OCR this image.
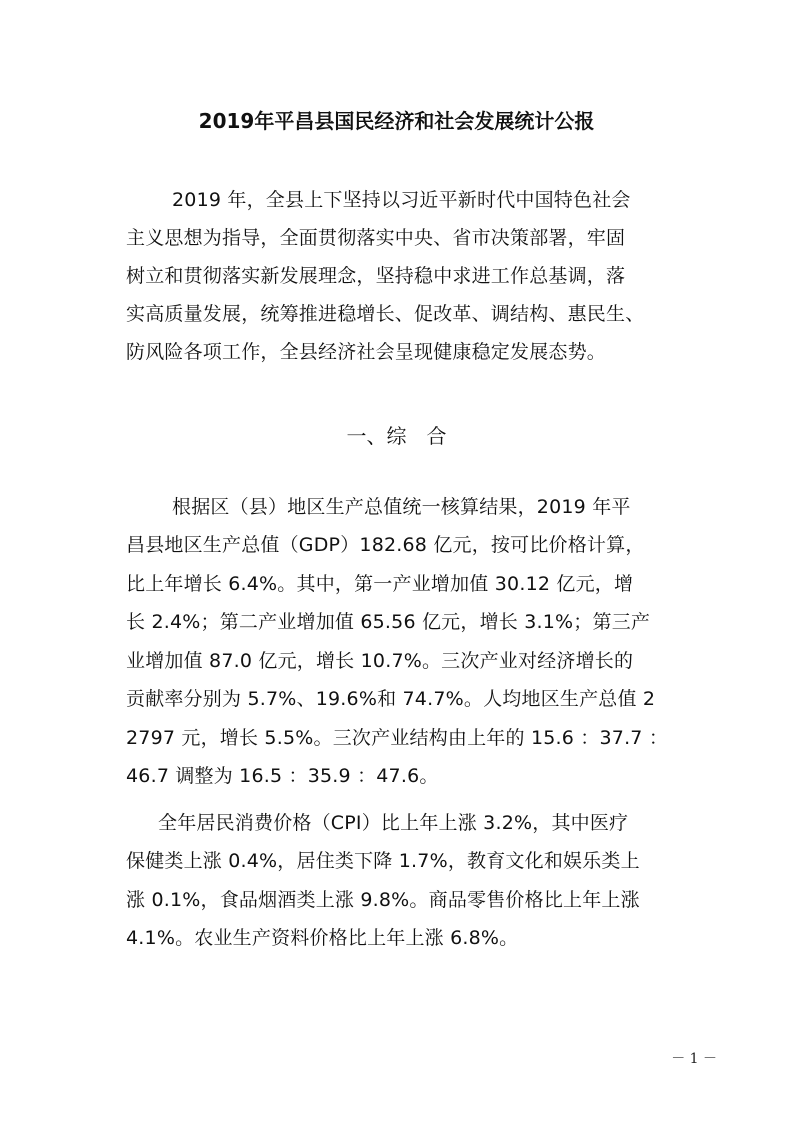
2019年平昌县国民经济和社会发展统计公报
2019 年，全县上下坚持以习近平新时代中国特色社会
主义思想为指导，全面贯彻落实中央、省市决策部署，牢固
树立和贯彻落实新发展理念，坚持稳中求进工作总基调，落
实高质量发展，统筹推进稳增长、促改革、调结构、惠民生、
防风险各项工作，全县经济社会呈现健康稳定发展态势。
一、综　合
根据区（县）地区生产总值统一核算结果，2019 年平
昌县地区生产总值（GDP）182.68 亿元，按可比价格计算，
比上年增长 6.4%。其中，第一产业增加值 30.12 亿元，增
长 2.4%；第二产业增加值 65.56 亿元，增长 3.1%；第三产
业增加值 87.0 亿元，增长 10.7%。三次产业对经济增长的
贡献率分别为 5.7%、19.6%和 74.7%。人均地区生产总值 2
2797 元，增长 5.5%。三次产业结构由上年的 15.6 ：37.7 ：
46.7 调整为 16.5 ：35.9 ：47.6。
全年居民消费价格（CPI）比上年上涨 3.2%，其中医疗
保健类上涨 0.4%，居住类下降 1.7%，教育文化和娱乐类上
涨 0.1%，食品烟酒类上涨 9.8%。商品零售价格比上年上涨
4.1%。农业生产资料价格比上年上涨 6.8%。
－ 1 －
